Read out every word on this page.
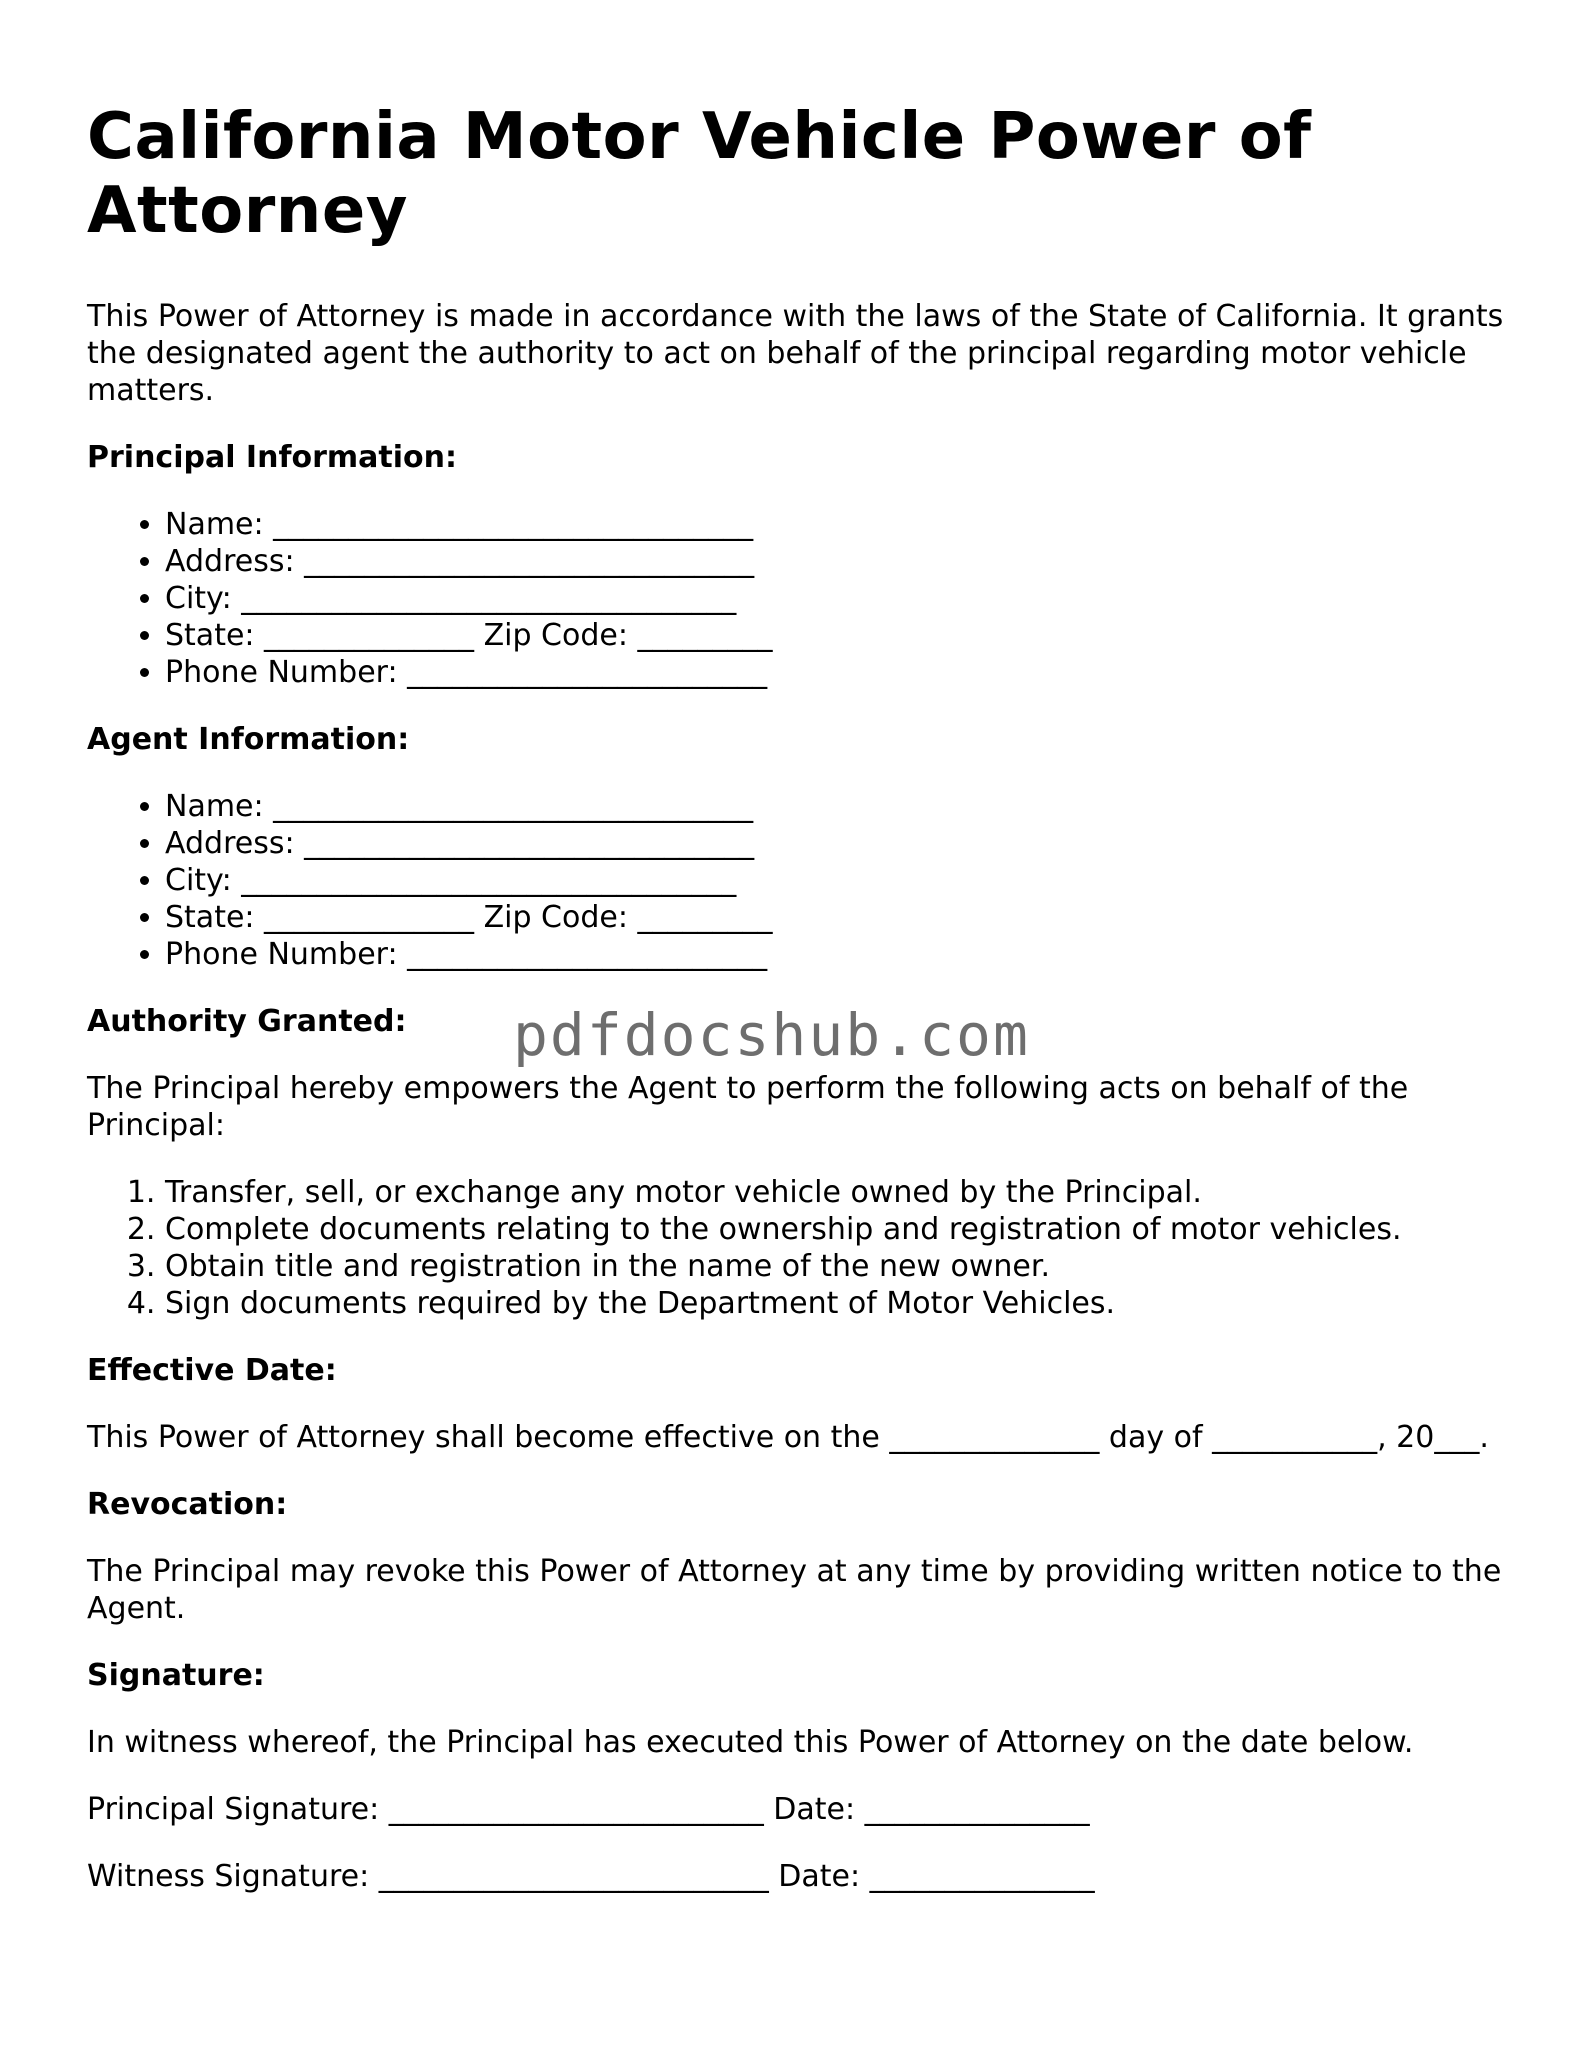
California Motor Vehicle Power of Attorney

This Power of Attorney is made in accordance with the laws of the State of California. It grants the designated agent the authority to act on behalf of the principal regarding motor vehicle matters.

Principal Information:
• Name: ________________________________
• Address: ______________________________
• City: _________________________________
• State: ______________ Zip Code: _________
• Phone Number: ________________________
Agent Information:
• Name: ________________________________
• Address: ______________________________
• City: _________________________________
• State: ______________ Zip Code: _________
• Phone Number: ________________________
Authority Granted:

The Principal hereby empowers the Agent to perform the following acts on behalf of the Principal:

1. Transfer, sell, or exchange any motor vehicle owned by the Principal.
2. Complete documents relating to the ownership and registration of motor vehicles.
3. Obtain title and registration in the name of the new owner.
4. Sign documents required by the Department of Motor Vehicles.
Effective Date:

This Power of Attorney shall become effective on the ______________ day of ___________, 20___.

Revocation:

The Principal may revoke this Power of Attorney at any time by providing written notice to the Agent.

Signature:

In witness whereof, the Principal has executed this Power of Attorney on the date below.

Principal Signature: _________________________ Date: _______________
Witness Signature: __________________________ Date: _______________
pdfdocshub.com
